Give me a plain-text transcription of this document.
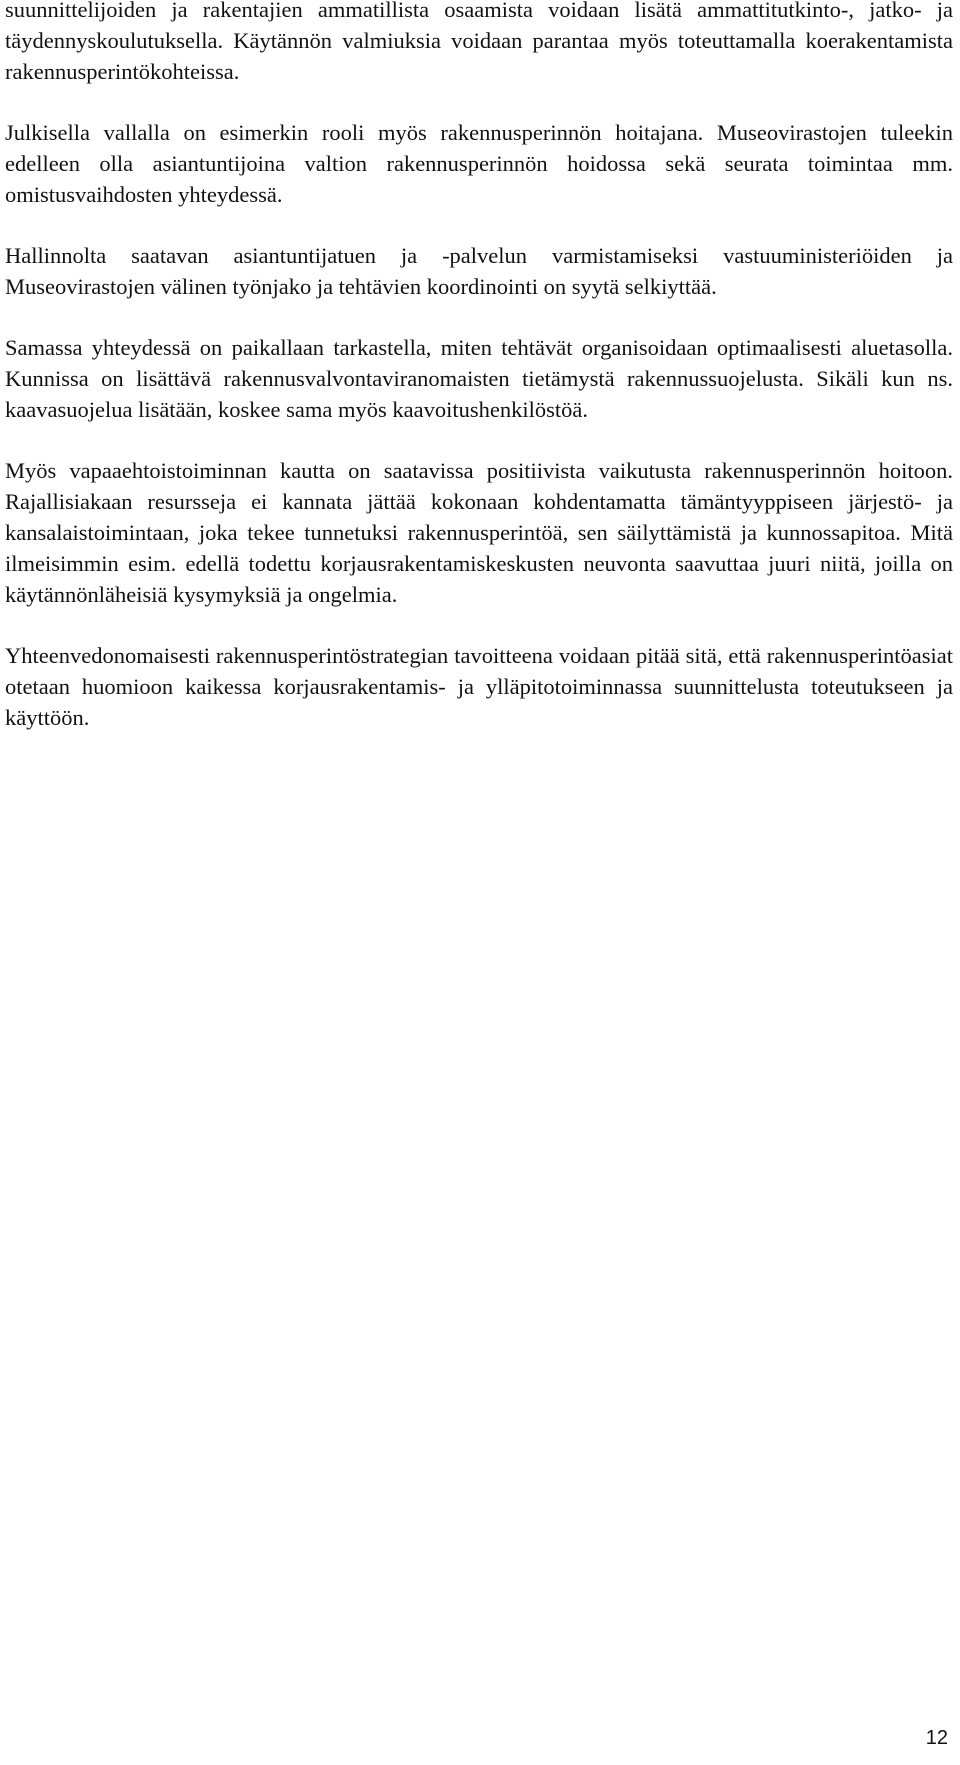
suunnittelijoiden ja rakentajien ammatillista osaamista voidaan lisätä ammattitutkinto-, jatko- ja täydennyskoulutuksella. Käytännön valmiuksia voidaan parantaa myös toteuttamalla koerakentamista rakennusperintökohteissa.

Julkisella vallalla on esimerkin rooli myös rakennusperinnön hoitajana. Museovirastojen tuleekin edelleen olla asiantuntijoina valtion rakennusperinnön hoidossa sekä seurata toimintaa mm. omistusvaihdosten yhteydessä.

Hallinnolta saatavan asiantuntijatuen ja -palvelun varmistamiseksi vastuuministeriöiden ja Museovirastojen välinen työnjako ja tehtävien koordinointi on syytä selkiyttää.

Samassa yhteydessä on paikallaan tarkastella, miten tehtävät organisoidaan optimaalisesti aluetasolla. Kunnissa on lisättävä rakennusvalvontaviranomaisten tietämystä rakennussuojelusta. Sikäli kun ns. kaavasuojelua lisätään, koskee sama myös kaavoitushenkilöstöä.

Myös vapaaehtoistoiminnan kautta on saatavissa positiivista vaikutusta rakennusperinnön hoitoon. Rajallisiakaan resursseja ei kannata jättää kokonaan kohdentamatta tämäntyyppiseen järjestö- ja kansalaistoimintaan, joka tekee tunnetuksi rakennusperintöä, sen säilyttämistä ja kunnossapitoa. Mitä ilmeisimmin esim. edellä todettu korjausrakentamiskeskusten neuvonta saavuttaa juuri niitä, joilla on käytännönläheisiä kysymyksiä ja ongelmia.

Yhteenvedonomaisesti rakennusperintöstrategian tavoitteena voidaan pitää sitä, että rakennusperintöasiat otetaan huomioon kaikessa korjausrakentamis- ja ylläpitotoiminnassa suunnittelusta toteutukseen ja käyttöön.

12
